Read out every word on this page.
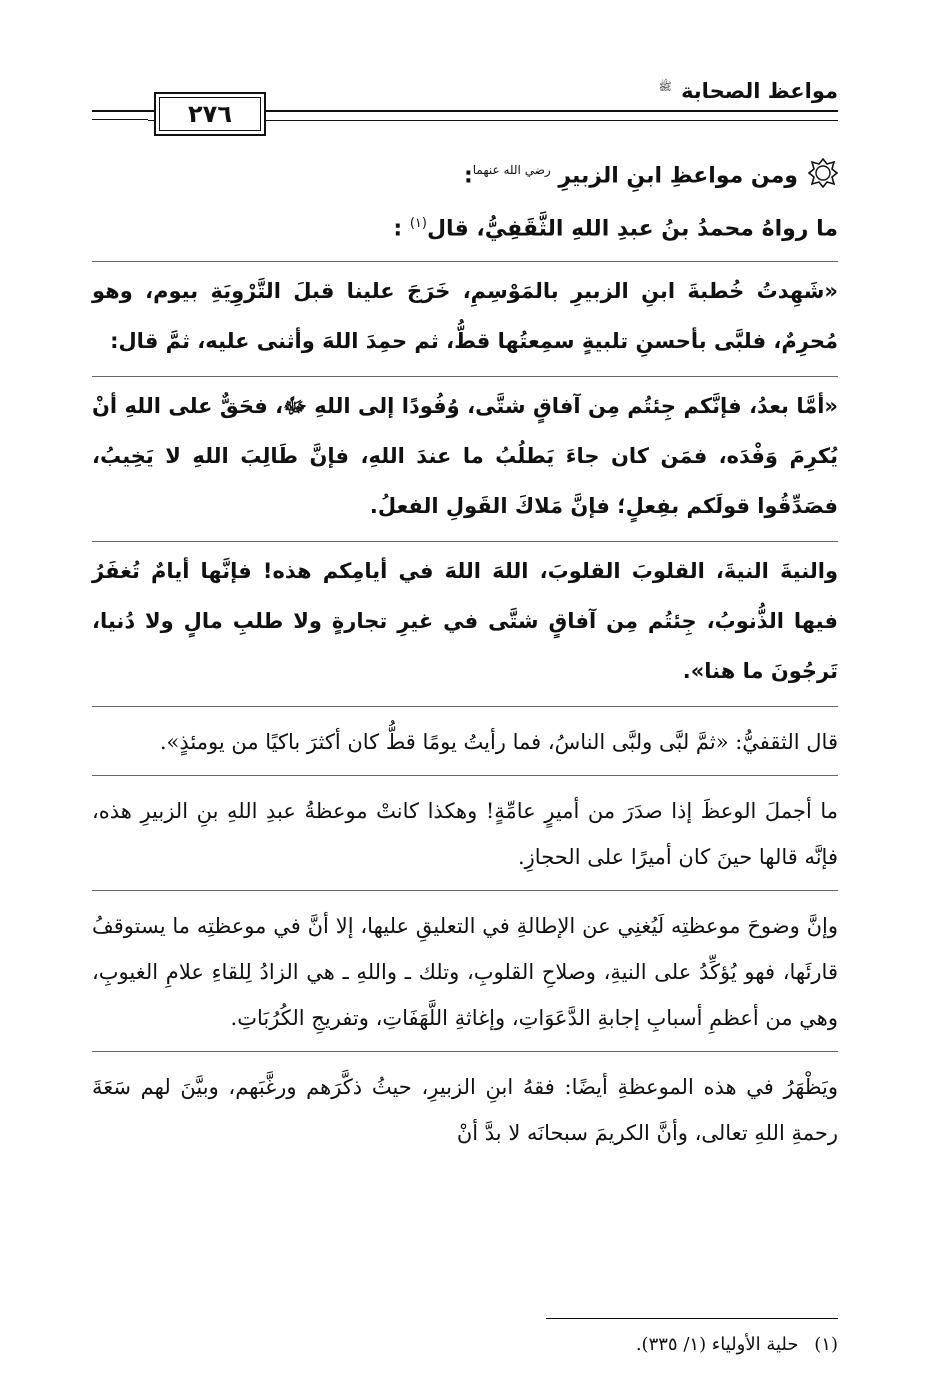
مواعظ الصحابة $^ﷺ$
٢٧٦
ومن مواعظِ ابنِ الزبيرِ $^{رضي الله عنهما}$:

ما رواهُ محمدُ بنُ عبدِ اللهِ الثَّقَفِيُّ، قال$^{(١)}$ :

«شَهِدتُ خُطبةَ ابنِ الزبيرِ بالمَوْسِمِ، خَرَجَ علينا قبلَ التَّرْوِيَةِ بيوم، وهو مُحرِمٌ، فلبَّى بأحسنِ تلبيةٍ سمِعتُها قطُّ، ثم حمِدَ اللهَ وأثنى عليه، ثمَّ قال:

«أمَّا بعدُ، فإنَّكم جِئتُم مِن آفاقٍ شتَّى، وُفُودًا إلى اللهِ ﷻ، فحَقٌّ على اللهِ أنْ يُكرِمَ وَفْدَه، فمَن كان جاءَ يَطلُبُ ما عندَ اللهِ، فإنَّ طَالِبَ اللهِ لا يَخِيبُ، فصَدِّقُوا قولَكم بفِعلٍ؛ فإنَّ مَلاكَ القَولِ الفعلُ.

والنيةَ النيةَ، القلوبَ القلوبَ، اللهَ اللهَ في أيامِكم هذه! فإنَّها أيامٌ تُغفَرُ فيها الذُّنوبُ، جِئتُم مِن آفاقٍ شتَّى في غيرِ تجارةٍ ولا طلبِ مالٍ ولا دُنيا، تَرجُونَ ما هنا».

قال الثقفيُّ: «ثمَّ لبَّى ولبَّى الناسُ، فما رأيتُ يومًا قطُّ كان أكثرَ باكيًا من يومئذٍ».

ما أجملَ الوعظَ إذا صدَرَ من أميرٍ عامِّةٍ! وهكذا كانتْ موعظةُ عبدِ اللهِ بنِ الزبيرِ هذه، فإنَّه قالها حينَ كان أميرًا على الحجازِ.

وإنَّ وضوحَ موعظتِه لَيُغنِي عن الإطالةِ في التعليقِ عليها، إلا أنَّ في موعظتِه ما يستوقفُ قارئَها، فهو يُؤكِّدُ على النيةِ، وصلاحِ القلوبِ، وتلك ـ واللهِ ـ هي الزادُ لِلقاءِ علامِ الغيوبِ، وهي من أعظمِ أسبابِ إجابةِ الدَّعَوَاتِ، وإغاثةِ اللَّهَفَاتِ، وتفريجِ الكُرُبَاتِ.

ويَظْهَرُ في هذه الموعظةِ أيضًا: فقهُ ابنِ الزبيرِ، حيثُ ذكَّرَهم ورغَّبَهم، وبيَّنَ لهم سَعَةَ رحمةِ اللهِ تعالى، وأنَّ الكريمَ سبحانَه لا بدَّ أنْ

(١) حلية الأولياء (١/ ٣٣٥).
